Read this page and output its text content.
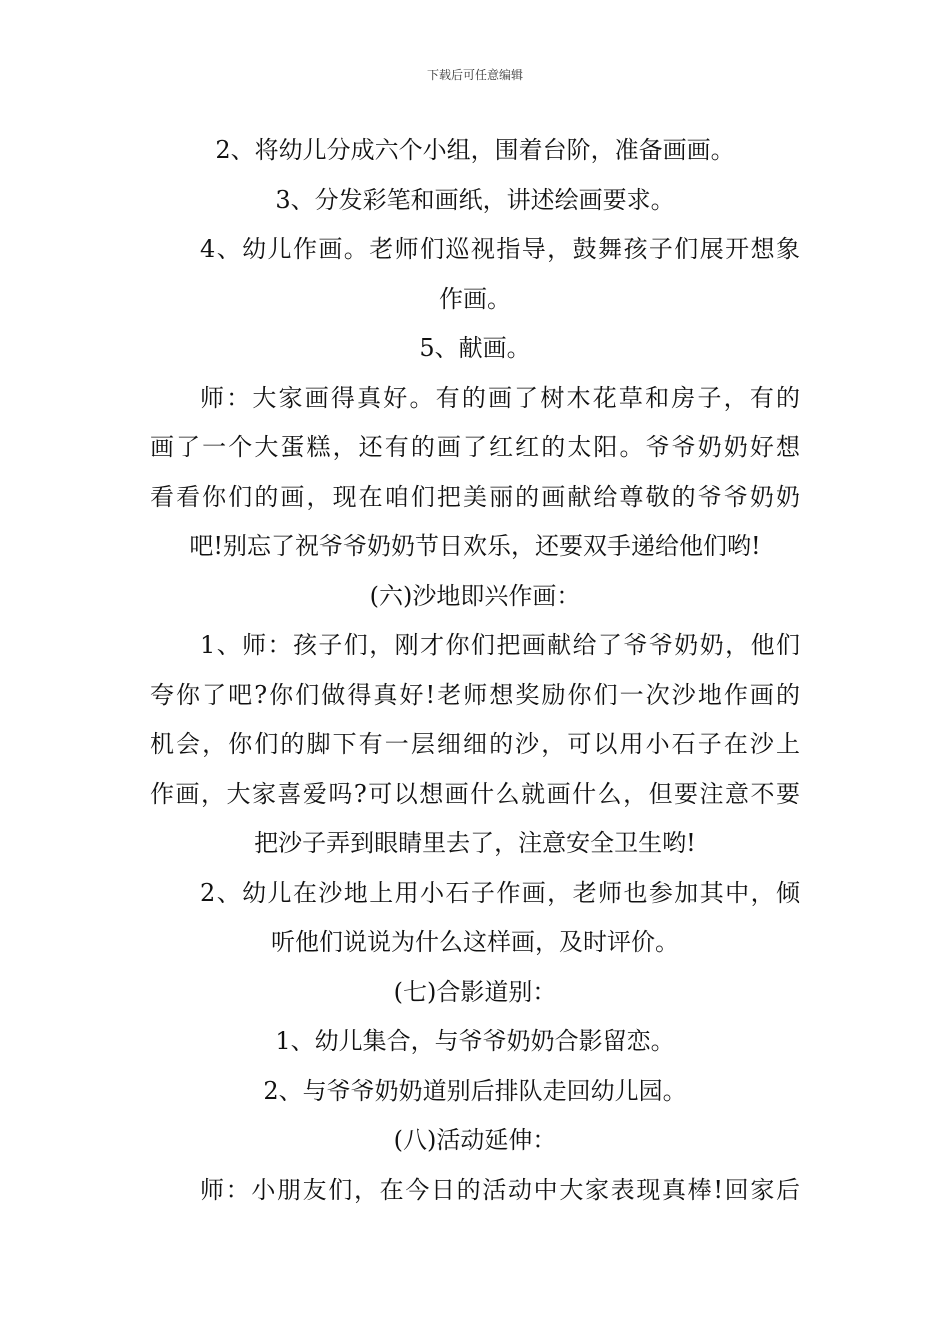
下载后可任意编辑
2、将幼儿分成六个小组，围着台阶，准备画画。
3、分发彩笔和画纸，讲述绘画要求。
4、幼儿作画。老师们巡视指导，鼓舞孩子们展开想象
作画。
5、献画。
师：大家画得真好。有的画了树木花草和房子，有的
画了一个大蛋糕，还有的画了红红的太阳。爷爷奶奶好想
看看你们的画，现在咱们把美丽的画献给尊敬的爷爷奶奶
吧!别忘了祝爷爷奶奶节日欢乐，还要双手递给他们哟!
(六)沙地即兴作画：
1、师：孩子们，刚才你们把画献给了爷爷奶奶，他们
夸你了吧?你们做得真好!老师想奖励你们一次沙地作画的
机会，你们的脚下有一层细细的沙，可以用小石子在沙上
作画，大家喜爱吗?可以想画什么就画什么，但要注意不要
把沙子弄到眼睛里去了，注意安全卫生哟!
2、幼儿在沙地上用小石子作画，老师也参加其中，倾
听他们说说为什么这样画，及时评价。
(七)合影道别：
1、幼儿集合，与爷爷奶奶合影留恋。
2、与爷爷奶奶道别后排队走回幼儿园。
(八)活动延伸：
师：小朋友们，在今日的活动中大家表现真棒!回家后
